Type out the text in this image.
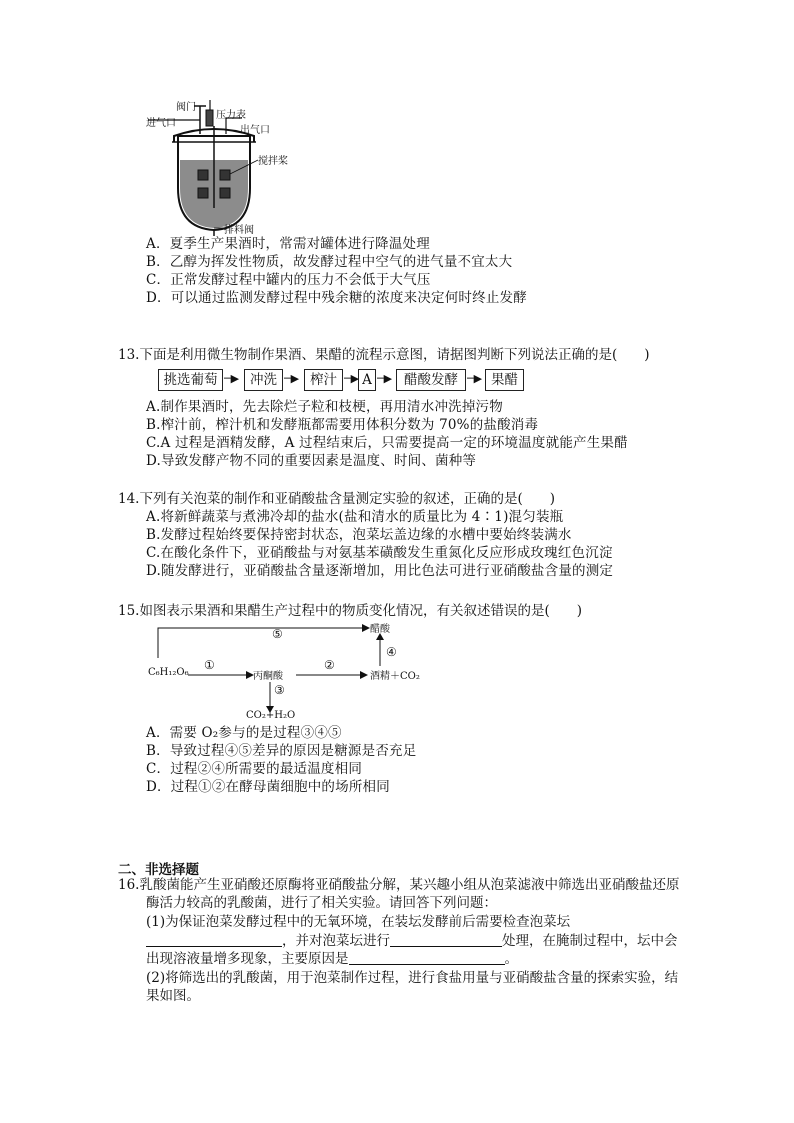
阀门
进气口
压力表
出气口
搅拌桨
排料阀
A．夏季生产果酒时，常需对罐体进行降温处理
B．乙醇为挥发性物质，故发酵过程中空气的进气量不宜太大
C．正常发酵过程中罐内的压力不会低于大气压
D．可以通过监测发酵过程中残余糖的浓度来决定何时终止发酵
13.下面是利用微生物制作果酒、果醋的流程示意图，请据图判断下列说法正确的是(　　)
挑选葡萄 ─▶ 冲洗 ─▶ 榨汁 ─▶ A ─▶ 醋酸发酵 ─▶ 果醋
A.制作果酒时，先去除烂子粒和枝梗，再用清水冲洗掉污物
B.榨汁前，榨汁机和发酵瓶都需要用体积分数为 70%的盐酸消毒
C.A 过程是酒精发酵，A 过程结束后，只需要提高一定的环境温度就能产生果醋
D.导致发酵产物不同的重要因素是温度、时间、菌种等
14.下列有关泡菜的制作和亚硝酸盐含量测定实验的叙述，正确的是(　　)
A.将新鲜蔬菜与煮沸冷却的盐水(盐和清水的质量比为 4∶1)混匀装瓶
B.发酵过程始终要保持密封状态，泡菜坛盖边缘的水槽中要始终装满水
C.在酸化条件下，亚硝酸盐与对氨基苯磺酸发生重氮化反应形成玫瑰红色沉淀
D.随发酵进行，亚硝酸盐含量逐渐增加，用比色法可进行亚硝酸盐含量的测定
15.如图表示果酒和果醋生产过程中的物质变化情况，有关叙述错误的是(　　)
⑤	醋酸
④
C₆H₁₂O₆
①
丙酮酸
②
酒精＋CO₂
③
CO₂+H₂O
A．需要 O₂参与的是过程③④⑤
B．导致过程④⑤差异的原因是糖源是否充足
C．过程②④所需要的最适温度相同
D．过程①②在酵母菌细胞中的场所相同
二、非选择题
16.乳酸菌能产生亚硝酸还原酶将亚硝酸盐分解，某兴趣小组从泡菜滤液中筛选出亚硝酸盐还原
酶活力较高的乳酸菌，进行了相关实验。请回答下列问题：
(1)为保证泡菜发酵过程中的无氧环境，在装坛发酵前后需要检查泡菜坛
，并对泡菜坛进行	处理，在腌制过程中，坛中会
出现溶液量增多现象，主要原因是	。
(2)将筛选出的乳酸菌，用于泡菜制作过程，进行食盐用量与亚硝酸盐含量的探索实验，结
果如图。
